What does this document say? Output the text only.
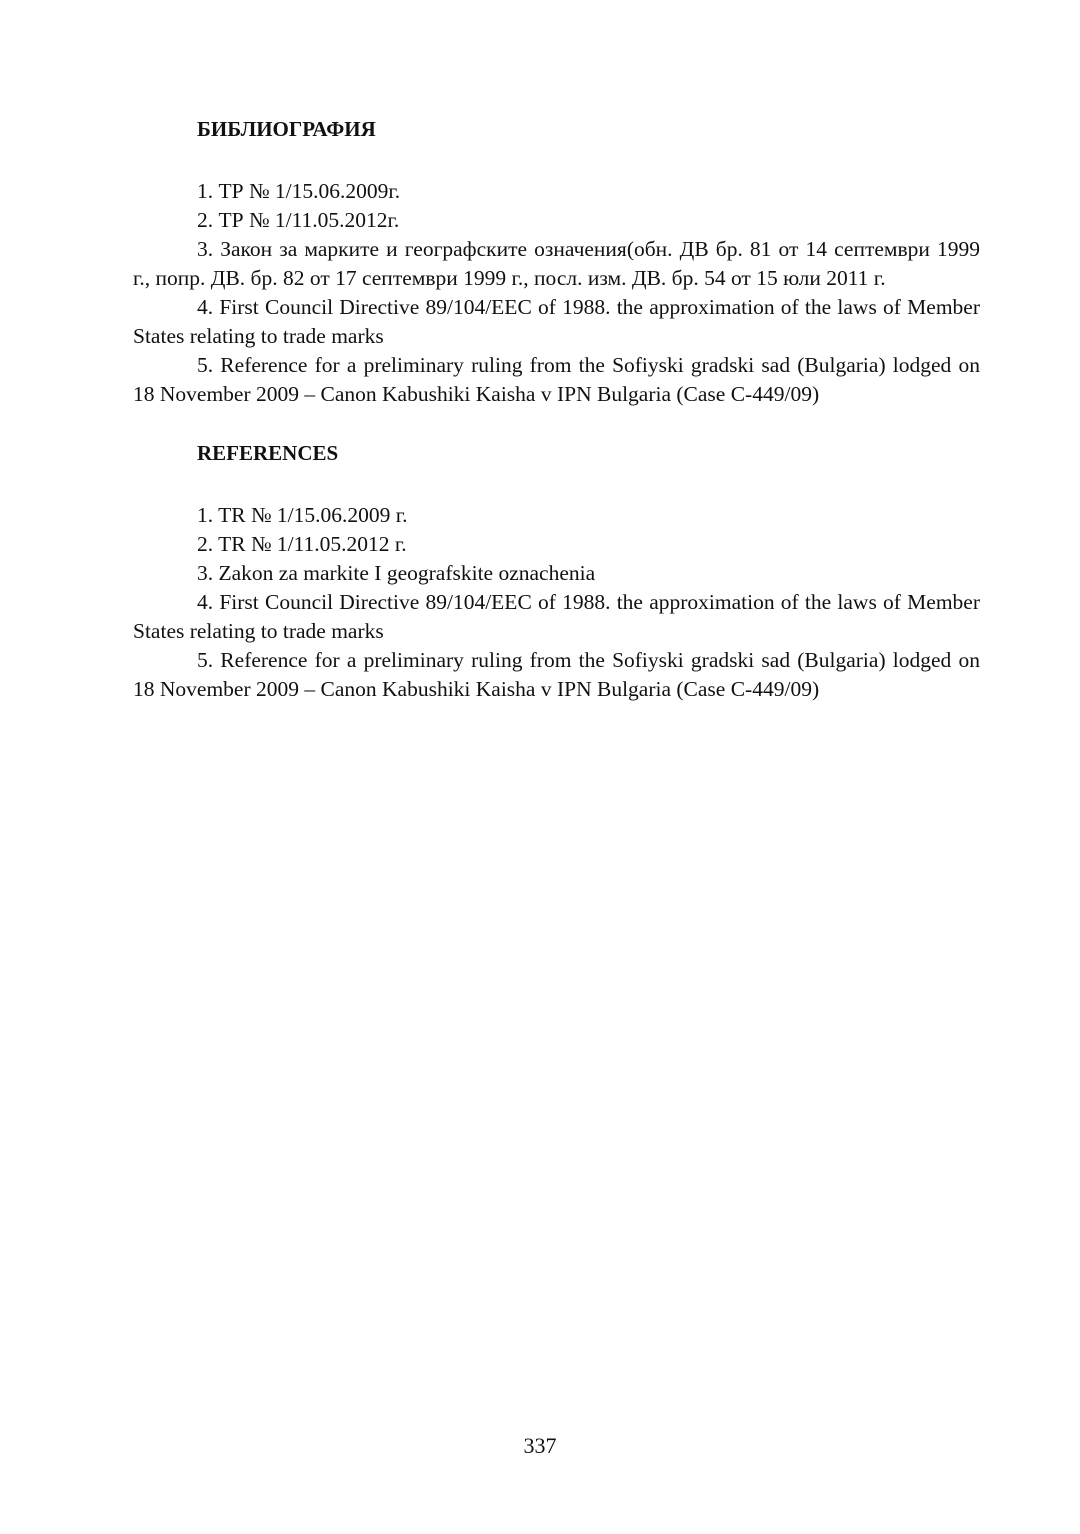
БИБЛИОГРАФИЯ

1. ТР № 1/15.06.2009г.
2. ТР № 1/11.05.2012г.
3. Закон за марките и географските означения(обн. ДВ бр. 81 от 14 септември 1999 г., попр. ДВ. бр. 82 от 17 септември 1999 г., посл. изм. ДВ. бр. 54 от 15 юли 2011 г.
4. First Council Directive 89/104/EEC of 1988. the approximation of the laws of Member States relating to trade marks
5. Reference for a preliminary ruling from the Sofiyski gradski sad (Bulgaria) lodged on 18 November 2009 – Canon Kabushiki Kaisha v IPN Bulgaria (Case C-449/09)

REFERENCES

1. TR № 1/15.06.2009 г.
2. TR № 1/11.05.2012 г.
3. Zakon za markite I geografskite oznachenia
4. First Council Directive 89/104/EEC of 1988. the approximation of the laws of Member States relating to trade marks
5. Reference for a preliminary ruling from the Sofiyski gradski sad (Bulgaria) lodged on 18 November 2009 – Canon Kabushiki Kaisha v IPN Bulgaria (Case C-449/09)
337
